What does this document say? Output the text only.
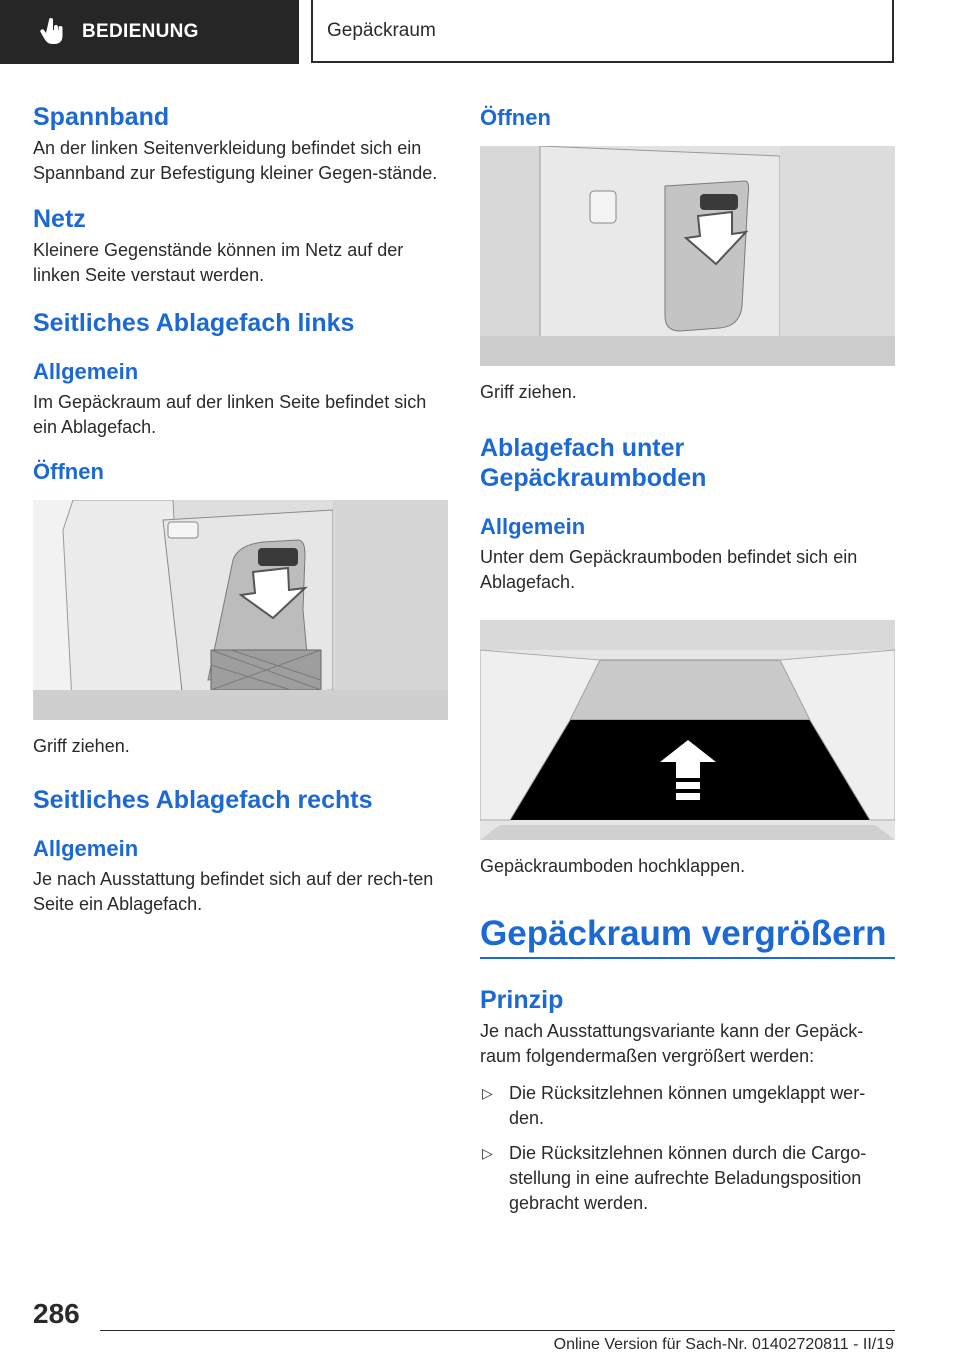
BEDIENUNG	Gepäckraum
Spannband

An der linken Seitenverkleidung befindet sich ein Spannband zur Befestigung kleiner Gegen-stände.

Netz

Kleinere Gegenstände können im Netz auf der linken Seite verstaut werden.

Seitliches Ablagefach links
Allgemein

Im Gepäckraum auf der linken Seite befindet sich ein Ablagefach.

Öffnen

Griff ziehen.

Seitliches Ablagefach rechts
Allgemein

Je nach Ausstattung befindet sich auf der rech-ten Seite ein Ablagefach.

Öffnen

Griff ziehen.

Ablagefach unter Gepäckraumboden
Allgemein

Unter dem Gepäckraumboden befindet sich ein Ablagefach.

Gepäckraumboden hochklappen.

Gepäckraum vergrößern
Prinzip

Je nach Ausstattungsvariante kann der Gepäck-raum folgendermaßen vergrößert werden:

▷ Die Rücksitzlehnen können umgeklappt wer-den.
▷ Die Rücksitzlehnen können durch die Cargo-stellung in eine aufrechte Beladungsposition gebracht werden.
286
Online Version für Sach-Nr. 01402720811 - II/19
